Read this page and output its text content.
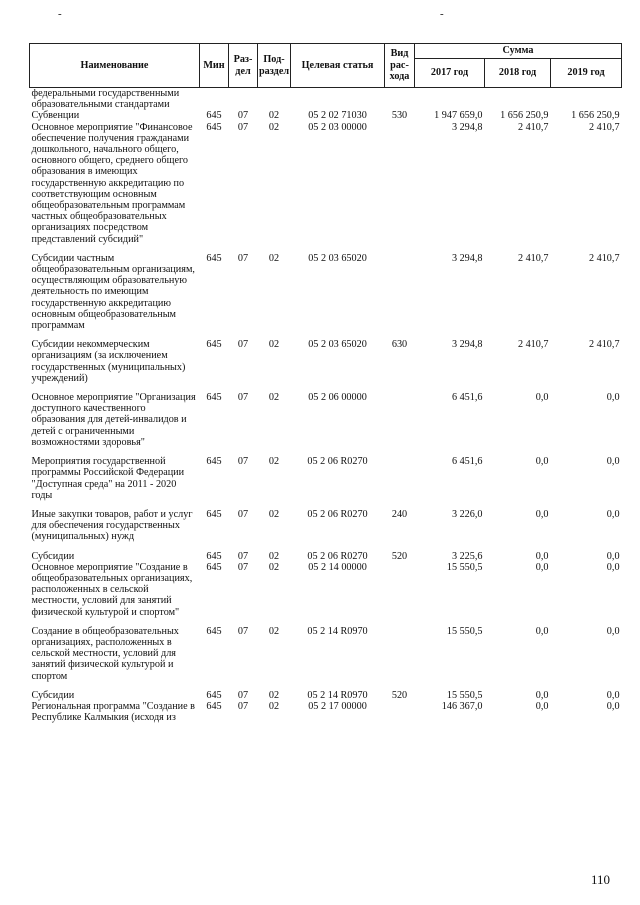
-	-
Наименование	Мин	Раз-дел	Под-раздел	Целевая статья	Вид рас-хода	Сумма		
						2017 год	2018 год	2019 год
федеральными государственными образовательными стандартами								
Субвенции	645	07	02	05 2 02 71030	530	1 947 659,0	1 656 250,9	1 656 250,9
Основное мероприятие "Финансовое обеспечение получения гражданами дошкольного, начального общего, основного общего, среднего общего образования в имеющих государственную аккредитацию по соответствующим основным общеобразовательным программам частных общеобразовательных организациях посредством представлений субсидий"	645	07	02	05 2 03 00000		3 294,8	2 410,7	2 410,7
Субсидии частным общеобразовательным организациям, осуществляющим образовательную деятельность по имеющим государственную аккредитацию основным общеобразовательным программам	645	07	02	05 2 03 65020		3 294,8	2 410,7	2 410,7
Субсидии некоммерческим организациям (за исключением государственных (муниципальных) учреждений)	645	07	02	05 2 03 65020	630	3 294,8	2 410,7	2 410,7
Основное мероприятие "Организация доступного качественного образования для детей-инвалидов и детей с ограниченными возможностями здоровья"	645	07	02	05 2 06 00000		6 451,6	0,0	0,0
Мероприятия государственной программы Российской Федерации "Доступная среда" на 2011 - 2020 годы	645	07	02	05 2 06 R0270		6 451,6	0,0	0,0
Иные закупки товаров, работ и услуг для обеспечения государственных (муниципальных) нужд	645	07	02	05 2 06 R0270	240	3 226,0	0,0	0,0
Субсидии	645	07	02	05 2 06 R0270	520	3 225,6	0,0	0,0
Основное мероприятие "Создание в общеобразовательных организациях, расположенных в сельской местности, условий для занятий физической культурой и спортом"	645	07	02	05 2 14 00000		15 550,5	0,0	0,0
Создание в общеобразовательных организациях, расположенных в сельской местности, условий для занятий физической культурой и спортом	645	07	02	05 2 14 R0970		15 550,5	0,0	0,0
Субсидии	645	07	02	05 2 14 R0970	520	15 550,5	0,0	0,0
Региональная программа "Создание в Республике Калмыкия (исходя из	645	07	02	05 2 17 00000		146 367,0	0,0	0,0
110
